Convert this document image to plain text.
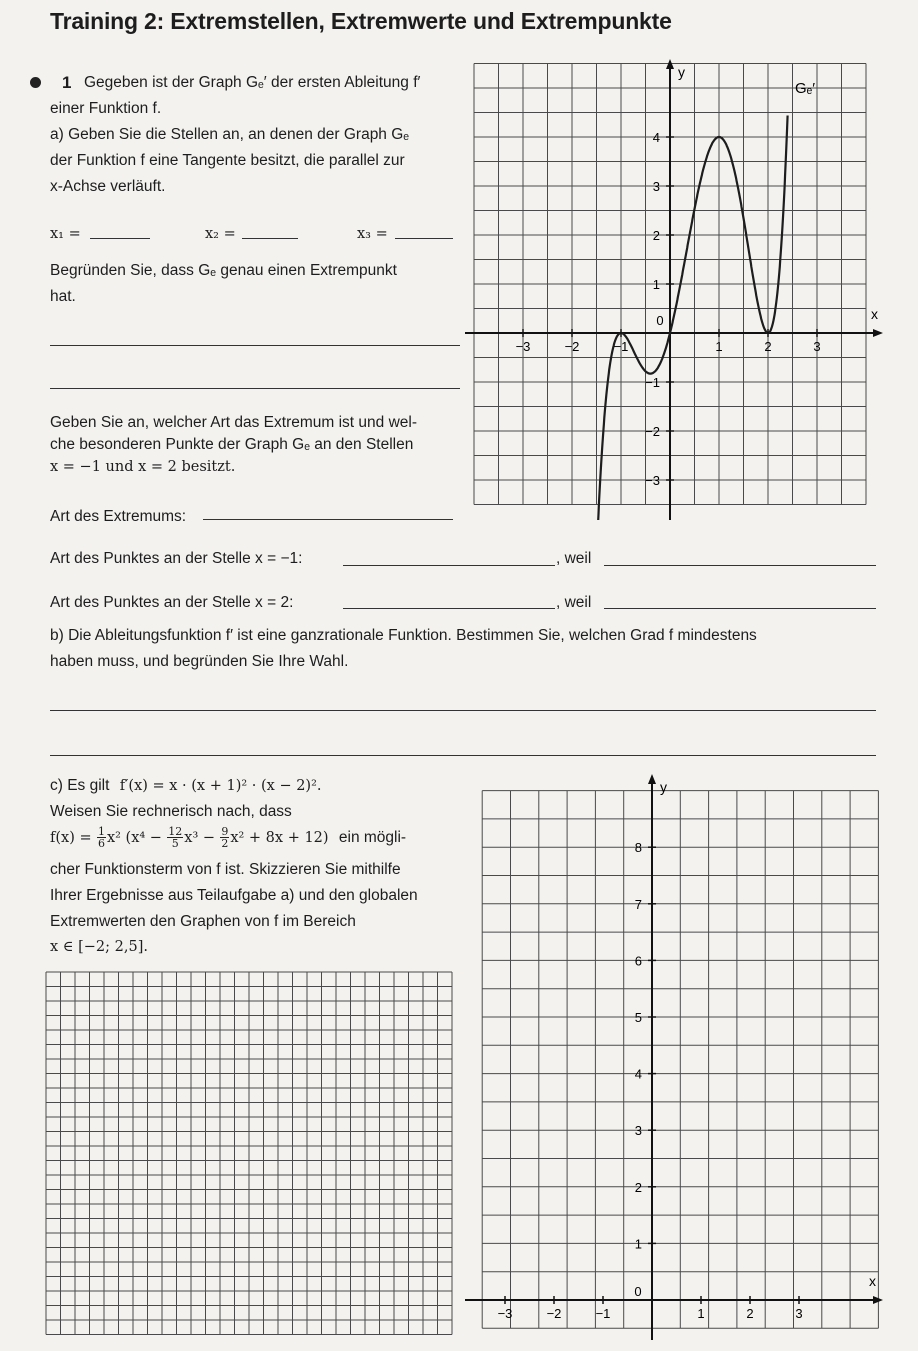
Training 2: Extremstellen, Extremwerte und Extrempunkte
1 Gegeben ist der Graph Gₑ′ der ersten Ableitung f′
einer Funktion f.
a) Geben Sie die Stellen an, an denen der Graph Gₑ
der Funktion f eine Tangente besitzt, die parallel zur
x-Achse verläuft.
x₁ =	x₂ =	x₃ =
Begründen Sie, dass Gₑ genau einen Extrempunkt
hat.
Geben Sie an, welcher Art das Extremum ist und wel-
che besonderen Punkte der Graph Gₑ an den Stellen
x = −1 und x = 2 besitzt.
Art des Extremums:
Art des Punktes an der Stelle x = −1:	, weil
Art des Punktes an der Stelle x = 2:	, weil
b) Die Ableitungsfunktion f′ ist eine ganzrationale Funktion. Bestimmen Sie, welchen Grad f mindestens
haben muss, und begründen Sie Ihre Wahl.
c) Es gilt f′(x) = x · (x + 1)² · (x − 2)².
Weisen Sie rechnerisch nach, dass
$f(x) = \frac{1}{6} x^2$ $(x^4 - \frac{12}{5} x^3 - \frac{9}{2} x^2 + 8x + 12)$ ein mögli-
cher Funktionsterm von f ist. Skizzieren Sie mithilfe
Ihrer Ergebnisse aus Teilaufgabe a) und den globalen
Extremwerten den Graphen von f im Bereich
x ∈ [−2; 2,5].
Gₑ′
x
y
−3	−2	−1	1	2	3
0
4
3
2
1
−1
−2
−3
x
y
−3	−2	−1	1	2	3
0
8
7
6
5
4
3
2
1
